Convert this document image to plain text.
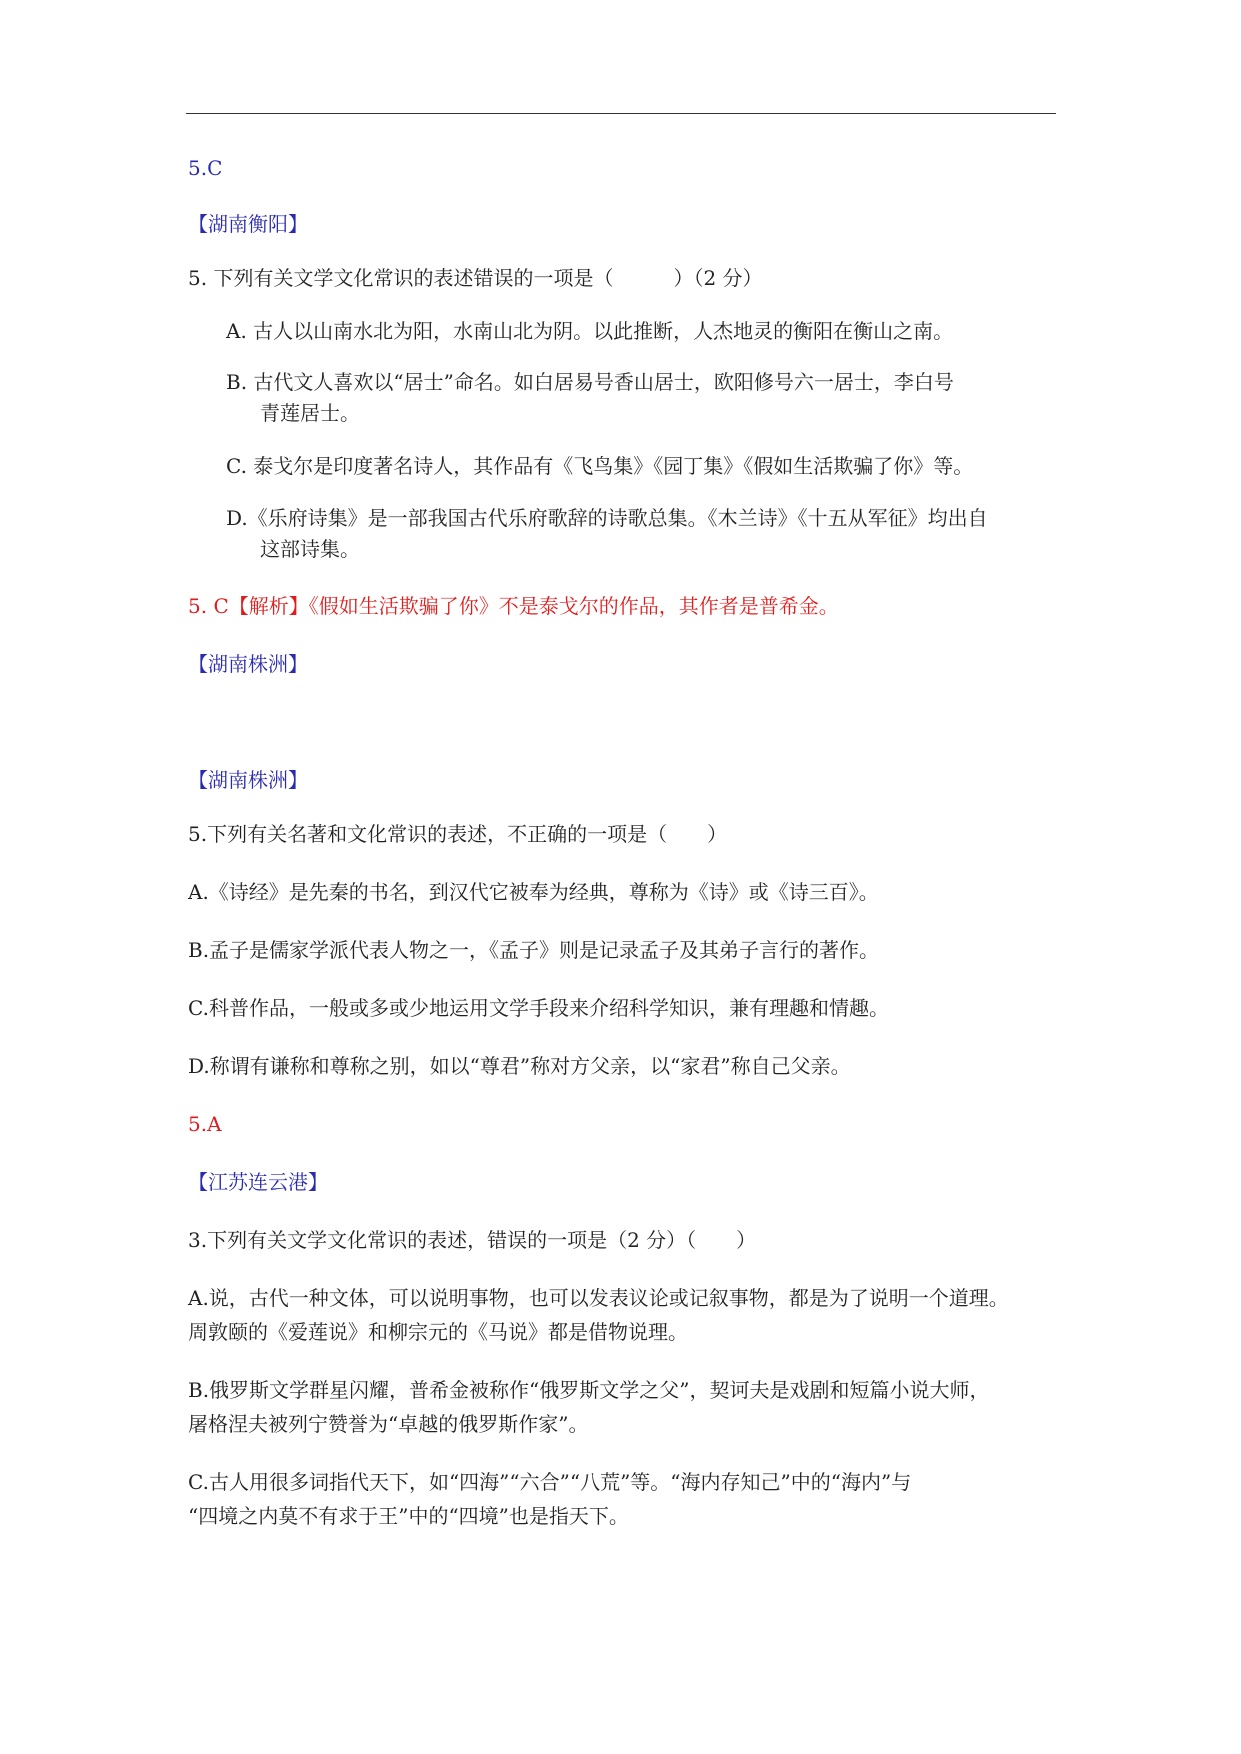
5.C
【湖南衡阳】
5. 下列有关文学文化常识的表述错误的一项是（　　　）（2 分）
A. 古人以山南水北为阳，水南山北为阴。以此推断，人杰地灵的衡阳在衡山之南。
B. 古代文人喜欢以“居士”命名。如白居易号香山居士，欧阳修号六一居士，李白号
青莲居士。
C. 泰戈尔是印度著名诗人，其作品有《飞鸟集》《园丁集》《假如生活欺骗了你》等。
D.《乐府诗集》是一部我国古代乐府歌辞的诗歌总集。《木兰诗》《十五从军征》均出自
这部诗集。
5. C【解析】《假如生活欺骗了你》不是泰戈尔的作品，其作者是普希金。
【湖南株洲】
【湖南株洲】
5.下列有关名著和文化常识的表述，不正确的一项是（　　）
A.《诗经》是先秦的书名，到汉代它被奉为经典，尊称为《诗》或《诗三百》。
B.孟子是儒家学派代表人物之一，《孟子》则是记录孟子及其弟子言行的著作。
C.科普作品，一般或多或少地运用文学手段来介绍科学知识，兼有理趣和情趣。
D.称谓有谦称和尊称之别，如以“尊君”称对方父亲，以“家君”称自己父亲。
5.A
【江苏连云港】
3.下列有关文学文化常识的表述，错误的一项是（2 分）（　　）
A.说，古代一种文体，可以说明事物，也可以发表议论或记叙事物，都是为了说明一个道理。
周敦颐的《爱莲说》和柳宗元的《马说》都是借物说理。
B.俄罗斯文学群星闪耀，普希金被称作“俄罗斯文学之父”，契诃夫是戏剧和短篇小说大师，
屠格涅夫被列宁赞誉为“卓越的俄罗斯作家”。
C.古人用很多词指代天下，如“四海”“六合”“八荒”等。“海内存知己”中的“海内”与
“四境之内莫不有求于王”中的“四境”也是指天下。
